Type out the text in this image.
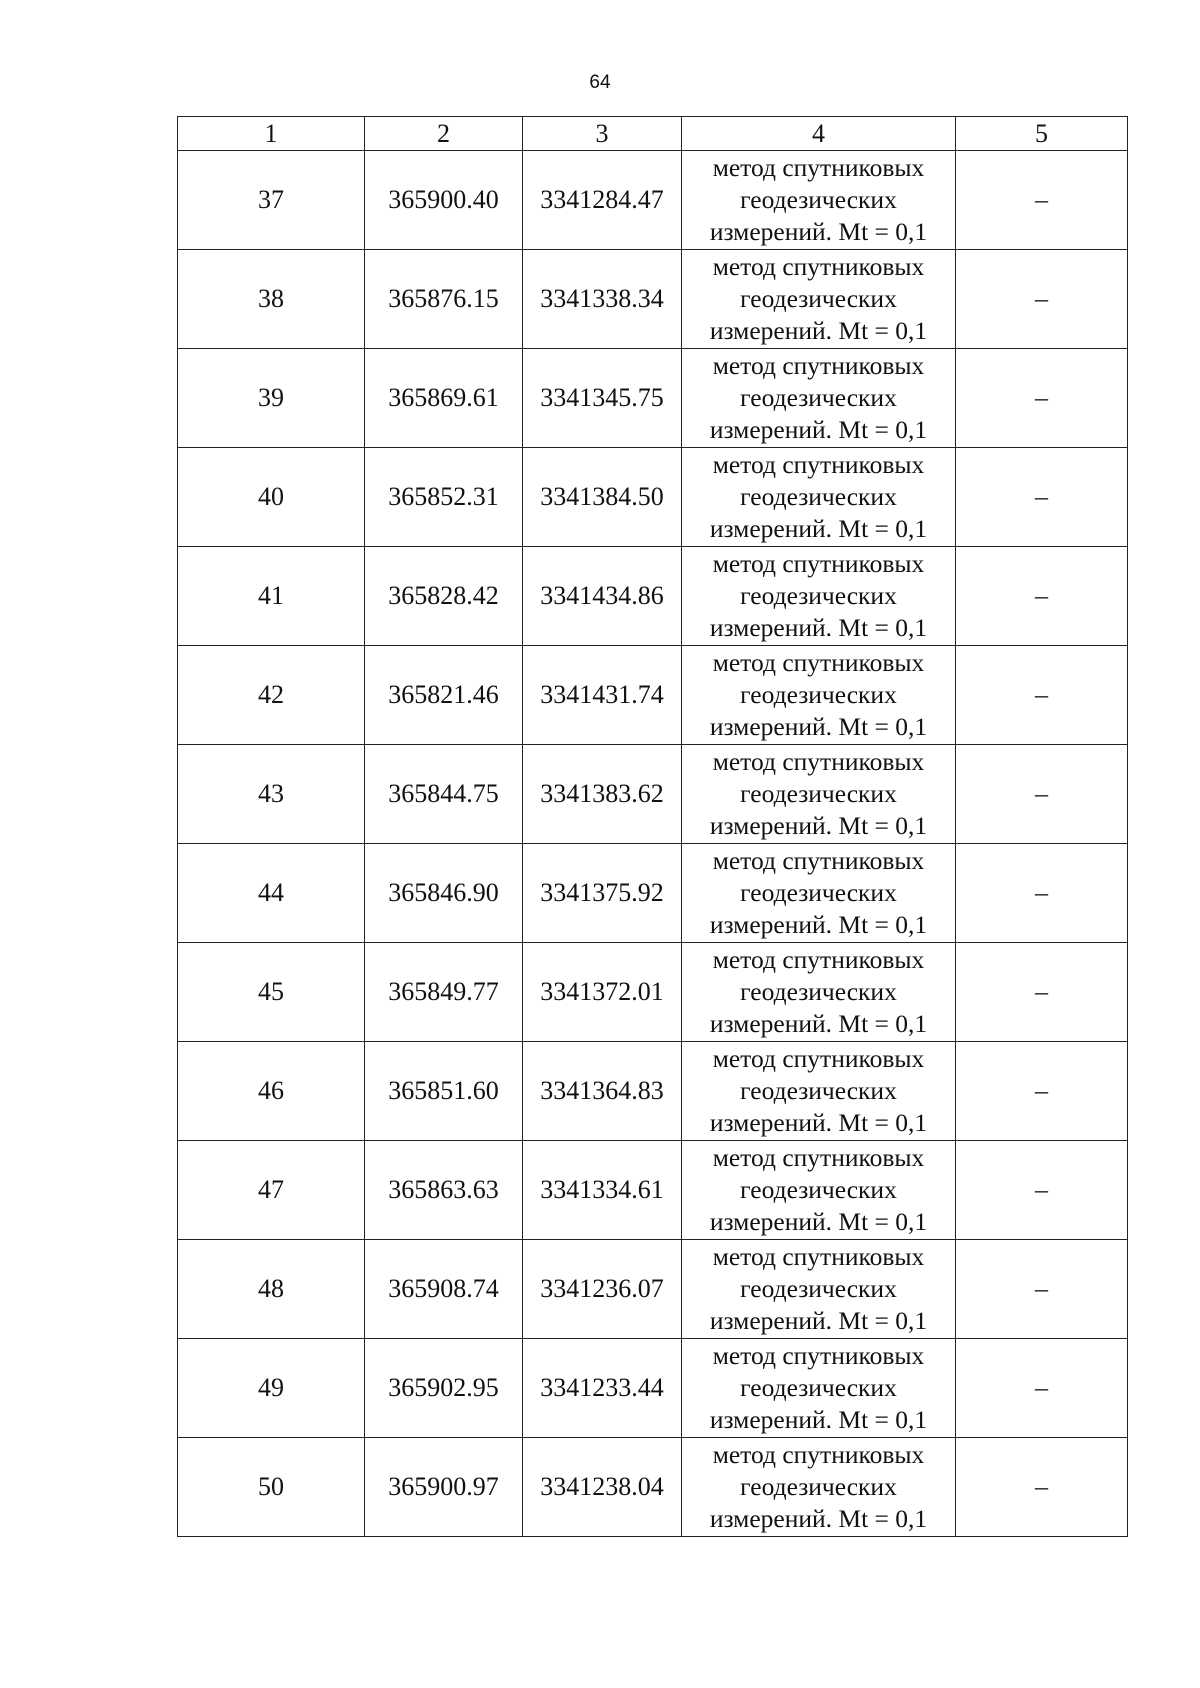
64
1	2	3	4	5
37	365900.40	3341284.47	метод спутниковых
геодезических
измерений. Mt = 0,1	–
38	365876.15	3341338.34	метод спутниковых
геодезических
измерений. Mt = 0,1	–
39	365869.61	3341345.75	метод спутниковых
геодезических
измерений. Mt = 0,1	–
40	365852.31	3341384.50	метод спутниковых
геодезических
измерений. Mt = 0,1	–
41	365828.42	3341434.86	метод спутниковых
геодезических
измерений. Mt = 0,1	–
42	365821.46	3341431.74	метод спутниковых
геодезических
измерений. Mt = 0,1	–
43	365844.75	3341383.62	метод спутниковых
геодезических
измерений. Mt = 0,1	–
44	365846.90	3341375.92	метод спутниковых
геодезических
измерений. Mt = 0,1	–
45	365849.77	3341372.01	метод спутниковых
геодезических
измерений. Mt = 0,1	–
46	365851.60	3341364.83	метод спутниковых
геодезических
измерений. Mt = 0,1	–
47	365863.63	3341334.61	метод спутниковых
геодезических
измерений. Mt = 0,1	–
48	365908.74	3341236.07	метод спутниковых
геодезических
измерений. Mt = 0,1	–
49	365902.95	3341233.44	метод спутниковых
геодезических
измерений. Mt = 0,1	–
50	365900.97	3341238.04	метод спутниковых
геодезических
измерений. Mt = 0,1	–
